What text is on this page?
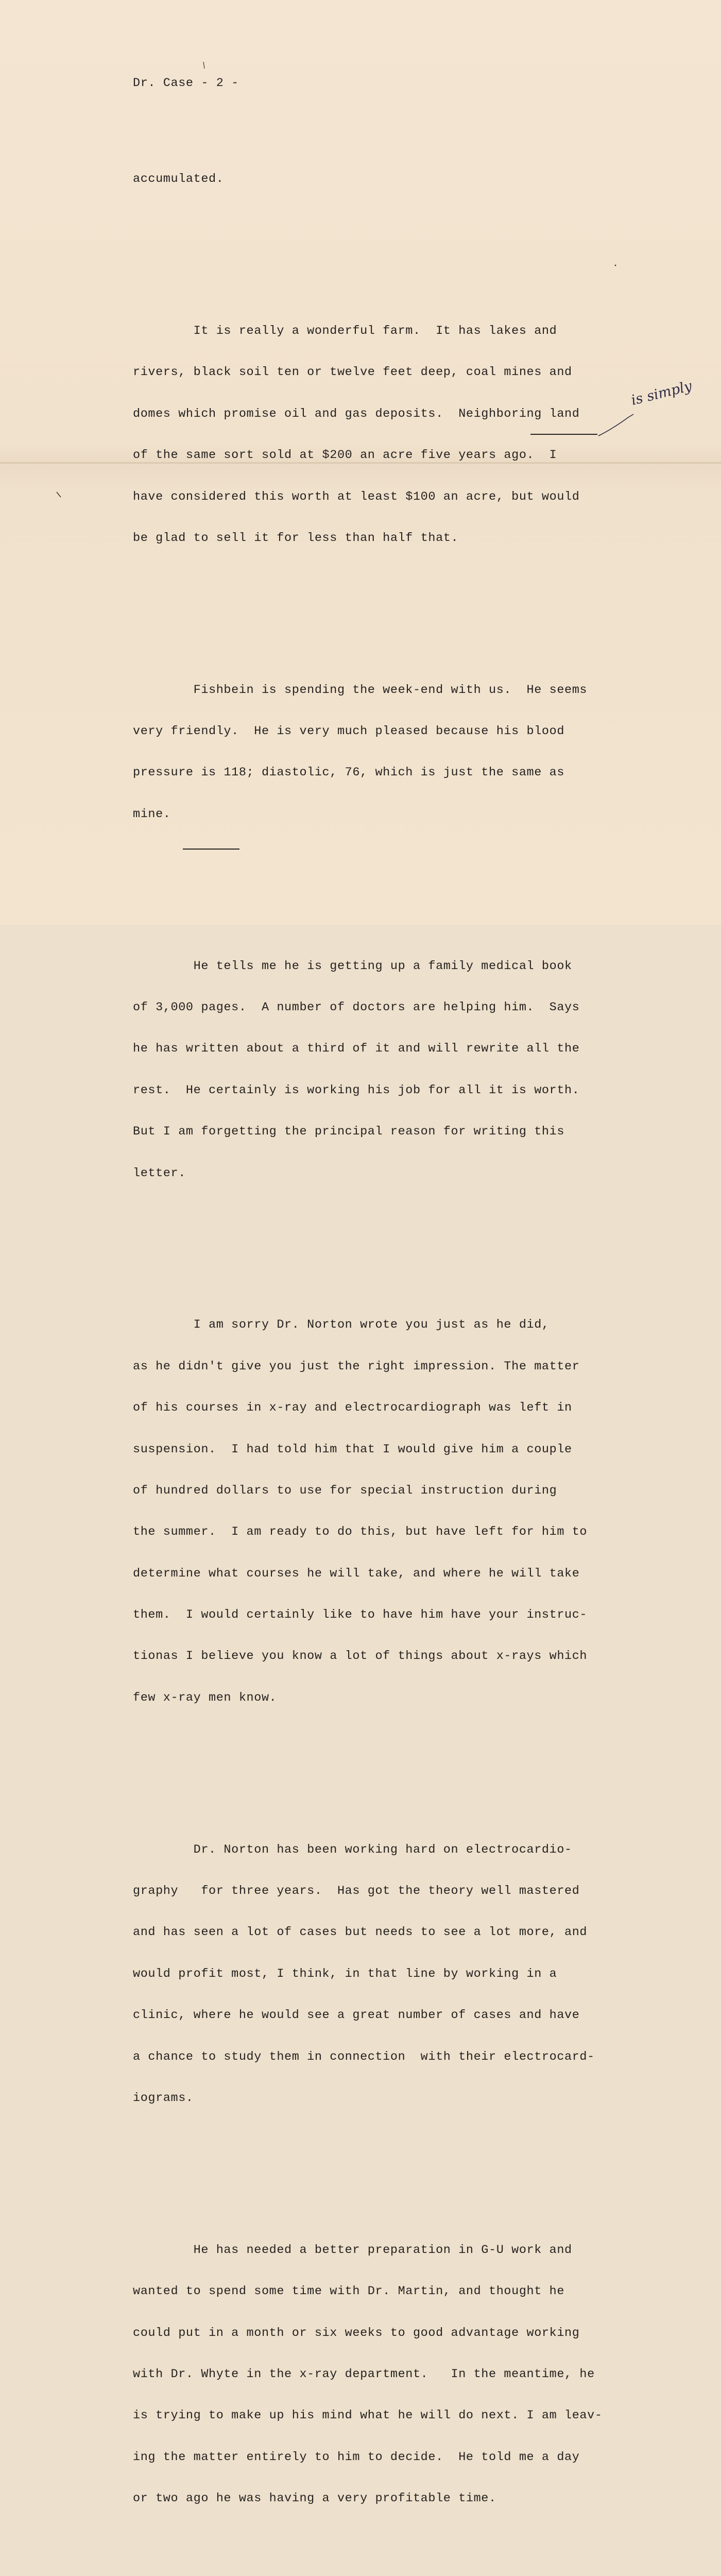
Dr. Case - 2 -

accumulated.

It is really a wonderful farm.  It has lakes and

rivers, black soil ten or twelve feet deep, coal mines and

domes which promise oil and gas deposits.  Neighboring land

of the same sort sold at $200 an acre five years ago.  I

have considered this worth at least $100 an acre, but would

be glad to sell it for less than half that.

Fishbein is spending the week-end with us.  He seems

very friendly.  He is very much pleased because his blood

pressure is 118; diastolic, 76, which is just the same as

mine.

He tells me he is getting up a family medical book

of 3,000 pages.  A number of doctors are helping him.  Says

he has written about a third of it and will rewrite all the

rest.  He certainly is working his job for all it is worth.

But I am forgetting the principal reason for writing this

letter.

I am sorry Dr. Norton wrote you just as he did,

as he didn't give you just the right impression. The matter

of his courses in x-ray and electrocardiograph was left in

suspension.  I had told him that I would give him a couple

of hundred dollars to use for special instruction during

the summer.  I am ready to do this, but have left for him to

determine what courses he will take, and where he will take

them.  I would certainly like to have him have your instruc-

tionas I believe you know a lot of things about x-rays which

few x-ray men know.

Dr. Norton has been working hard on electrocardio-

graphy   for three years.  Has got the theory well mastered

and has seen a lot of cases but needs to see a lot more, and

would profit most, I think, in that line by working in a

clinic, where he would see a great number of cases and have

a chance to study them in connection  with their electrocard-

iograms.

He has needed a better preparation in G-U work and

wanted to spend some time with Dr. Martin, and thought he

could put in a month or six weeks to good advantage working

with Dr. Whyte in the x-ray department.   In the meantime, he

is trying to make up his mind what he will do next. I am leav-

ing the matter entirely to him to decide.  He told me a day

or two ago he was having a very profitable time.

is simply
